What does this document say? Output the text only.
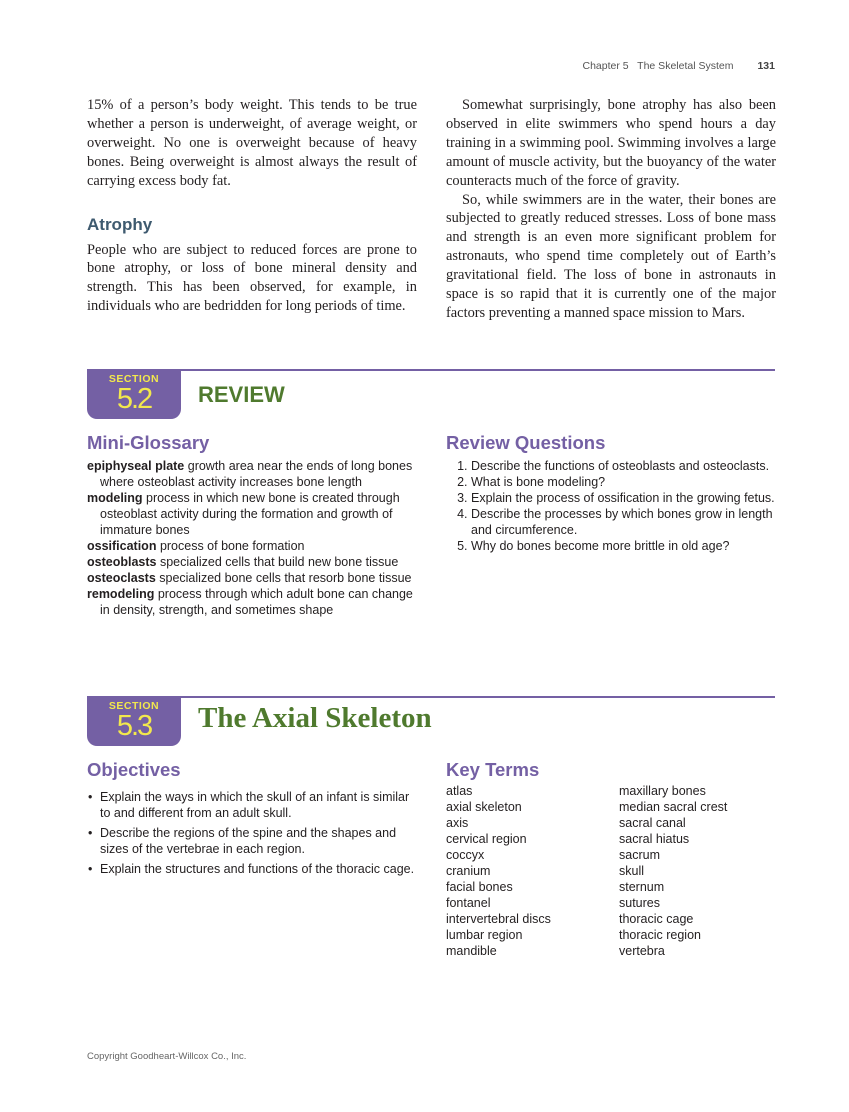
Chapter 5   The Skeletal System 131

15% of a person’s body weight. This tends to be true whether a person is underweight, of average weight, or overweight. No one is overweight because of heavy bones. Being overweight is almost always the result of carrying excess body fat.

Atrophy

People who are subject to reduced forces are prone to bone atrophy, or loss of bone mineral density and strength. This has been observed, for example, in individuals who are bedridden for long periods of time.

Somewhat surprisingly, bone atrophy has also been observed in elite swimmers who spend hours a day training in a swimming pool. Swimming involves a large amount of muscle activity, but the buoyancy of the water counteracts much of the force of gravity.

So, while swimmers are in the water, their bones are subjected to greatly reduced stresses. Loss of bone mass and strength is an even more significant problem for astronauts, who spend time completely out of Earth’s gravitational field. The loss of bone in astronauts in space is so rapid that it is currently one of the major factors preventing a manned space mission to Mars.

SECTION
5.2	REVIEW
Mini-Glossary
epiphyseal plate growth area near the ends of long bones where osteoblast activity increases bone length
modeling process in which new bone is created through osteoblast activity during the formation and growth of immature bones
ossification process of bone formation
osteoblasts specialized cells that build new bone tissue
osteoclasts specialized bone cells that resorb bone tissue
remodeling process through which adult bone can change in density, strength, and sometimes shape
Review Questions
1. Describe the functions of osteoblasts and osteoclasts.
2. What is bone modeling?
3. Explain the process of ossification in the growing fetus.
4. Describe the processes by which bones grow in length and circumference.
5. Why do bones become more brittle in old age?
SECTION
5.3	The Axial Skeleton
Objectives
• Explain the ways in which the skull of an infant is similar to and different from an adult skull.
• Describe the regions of the spine and the shapes and sizes of the vertebrae in each region.
• Explain the structures and functions of the thoracic cage.
Key Terms
atlas
axial skeleton
axis
cervical region
coccyx
cranium
facial bones
fontanel
intervertebral discs
lumbar region
mandible
maxillary bones
median sacral crest
sacral canal
sacral hiatus
sacrum
skull
sternum
sutures
thoracic cage
thoracic region
vertebra
Copyright Goodheart-Willcox Co., Inc.
